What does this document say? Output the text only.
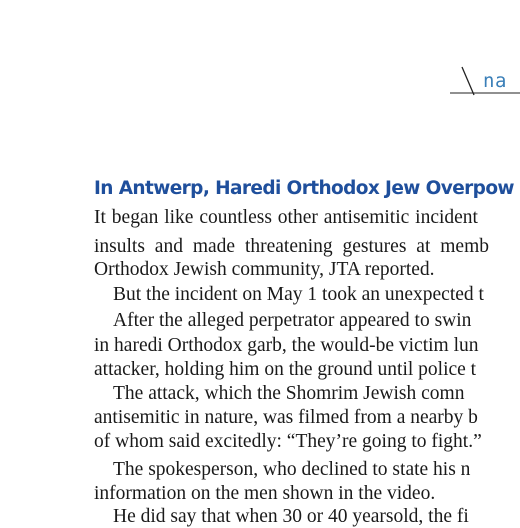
na
In Antwerp, Haredi Orthodox Jew Overpow

It began like countless other antisemitic incident

insults and made threatening gestures at memb

Orthodox Jewish community, JTA reported.

But the incident on May 1 took an unexpected t

After the alleged perpetrator appeared to swin

in haredi Orthodox garb, the would-be victim lun

attacker, holding him on the ground until police t

The attack, which the Shomrim Jewish comn

antisemitic in nature, was filmed from a nearby b

of whom said excitedly: “They’re going to fight.”

The spokesperson, who declined to state his n

information on the men shown in the video.

He did say that when 30 or 40 yearsold, the fi
